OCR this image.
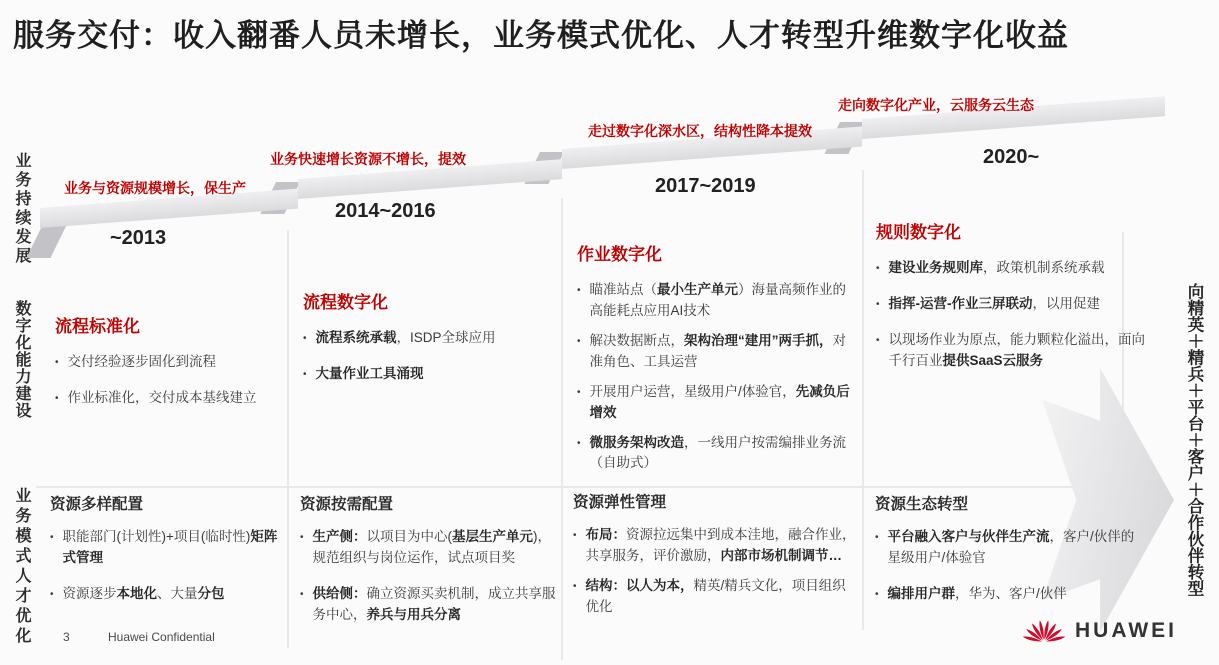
服务交付：收入翻番人员未增长，业务模式优化、人才转型升维数字化收益
业务持续发展
数字化能力建设
业务模式人才优化
业务与资源规模增长，保生产
业务快速增长资源不增长，提效
走过数字化深水区，结构性降本提效
走向数字化产业，云服务云生态
~2013
2014~2016
2017~2019
2020~
流程标准化
• 交付经验逐步固化到流程
• 作业标准化，交付成本基线建立
流程数字化
• 流程系统承载，ISDP全球应用
• 大量作业工具涌现
作业数字化
• 瞄准站点（最小生产单元）海量高频作业的高能耗点应用AI技术
• 解决数据断点，架构治理“建用”两手抓，对准角色、工具运营
• 开展用户运营，星级用户/体验官，先减负后增效
• 微服务架构改造，一线用户按需编排业务流（自助式）
规则数字化
• 建设业务规则库，政策机制系统承载
• 指挥-运营-作业三屏联动，以用促建
• 以现场作业为原点，能力颗粒化溢出，面向千行百业提供SaaS云服务
资源多样配置
• 职能部门(计划性)+项目(临时性)矩阵式管理
• 资源逐步本地化、大量分包
资源按需配置
• 生产侧：以项目为中心(基层生产单元)，规范组织与岗位运作，试点项目奖
• 供给侧：确立资源买卖机制，成立共享服务中心，养兵与用兵分离
资源弹性管理
• 布局：资源拉远集中到成本洼地，融合作业，共享服务，评价激励，内部市场机制调节…
• 结构：以人为本，精英/精兵文化，项目组织优化
资源生态转型
• 平台融入客户与伙伴生产流，客户/伙伴的星级用户/体验官
• 编排用户群，华为、客户/伙伴	向精英＋精兵＋平台＋客户＋合作伙伴转型
3	Huawei Confidential	HUAWEI
